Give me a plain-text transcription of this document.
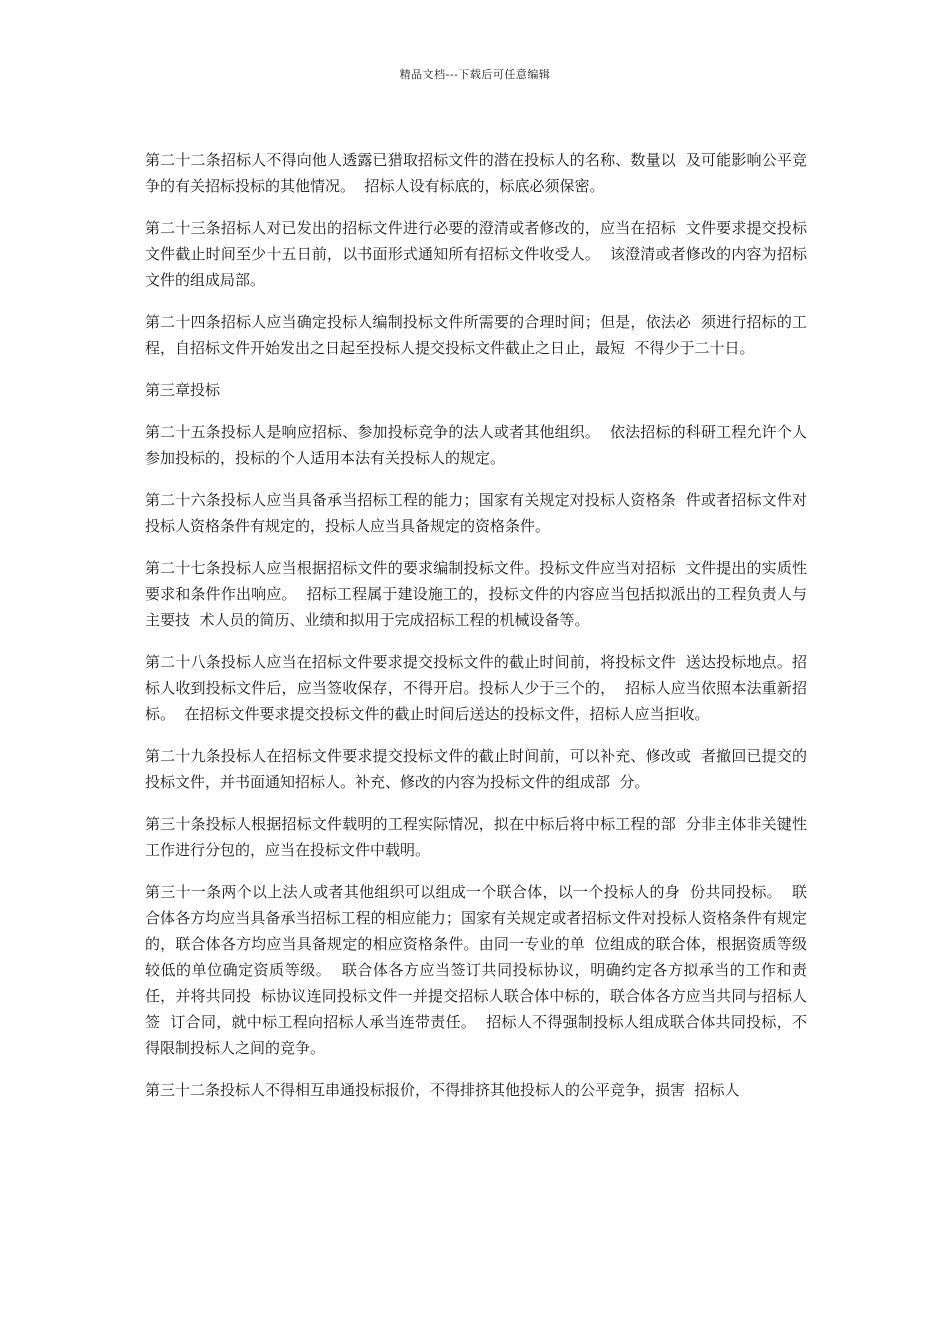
精品文档---下载后可任意编辑

第二十二条招标人不得向他人透露已猎取招标文件的潜在投标人的名称、数量以  及可能影响公平竞争的有关招标投标的其他情况。  招标人设有标底的，标底必须保密。

第二十三条招标人对已发出的招标文件进行必要的澄清或者修改的，应当在招标  文件要求提交投标文件截止时间至少十五日前，以书面形式通知所有招标文件收受人。  该澄清或者修改的内容为招标文件的组成局部。

第二十四条招标人应当确定投标人编制投标文件所需要的合理时间；但是，依法必  须进行招标的工程，自招标文件开始发出之日起至投标人提交投标文件截止之日止，最短  不得少于二十日。

第三章投标

第二十五条投标人是响应招标、参加投标竞争的法人或者其他组织。  依法招标的科研工程允许个人参加投标的，投标的个人适用本法有关投标人的规定。

第二十六条投标人应当具备承当招标工程的能力；国家有关规定对投标人资格条  件或者招标文件对投标人资格条件有规定的，投标人应当具备规定的资格条件。

第二十七条投标人应当根据招标文件的要求编制投标文件。投标文件应当对招标  文件提出的实质性要求和条件作出响应。  招标工程属于建设施工的，投标文件的内容应当包括拟派出的工程负责人与主要技  术人员的简历、业绩和拟用于完成招标工程的机械设备等。

第二十八条投标人应当在招标文件要求提交投标文件的截止时间前，将投标文件  送达投标地点。招标人收到投标文件后，应当签收保存，不得开启。投标人少于三个的，  招标人应当依照本法重新招标。  在招标文件要求提交投标文件的截止时间后送达的投标文件，招标人应当拒收。

第二十九条投标人在招标文件要求提交投标文件的截止时间前，可以补充、修改或  者撤回已提交的投标文件，并书面通知招标人。补充、修改的内容为投标文件的组成部  分。

第三十条投标人根据招标文件载明的工程实际情况，拟在中标后将中标工程的部  分非主体非关键性工作进行分包的，应当在投标文件中载明。

第三十一条两个以上法人或者其他组织可以组成一个联合体，以一个投标人的身  份共同投标。  联合体各方均应当具备承当招标工程的相应能力；国家有关规定或者招标文件对投标人资格条件有规定的，联合体各方均应当具备规定的相应资格条件。由同一专业的单  位组成的联合体，根据资质等级较低的单位确定资质等级。  联合体各方应当签订共同投标协议，明确约定各方拟承当的工作和责任，并将共同投  标协议连同投标文件一并提交招标人联合体中标的，联合体各方应当共同与招标人签  订合同，就中标工程向招标人承当连带责任。  招标人不得强制投标人组成联合体共同投标，不得限制投标人之间的竞争。

第三十二条投标人不得相互串通投标报价，不得排挤其他投标人的公平竞争，损害  招标人
